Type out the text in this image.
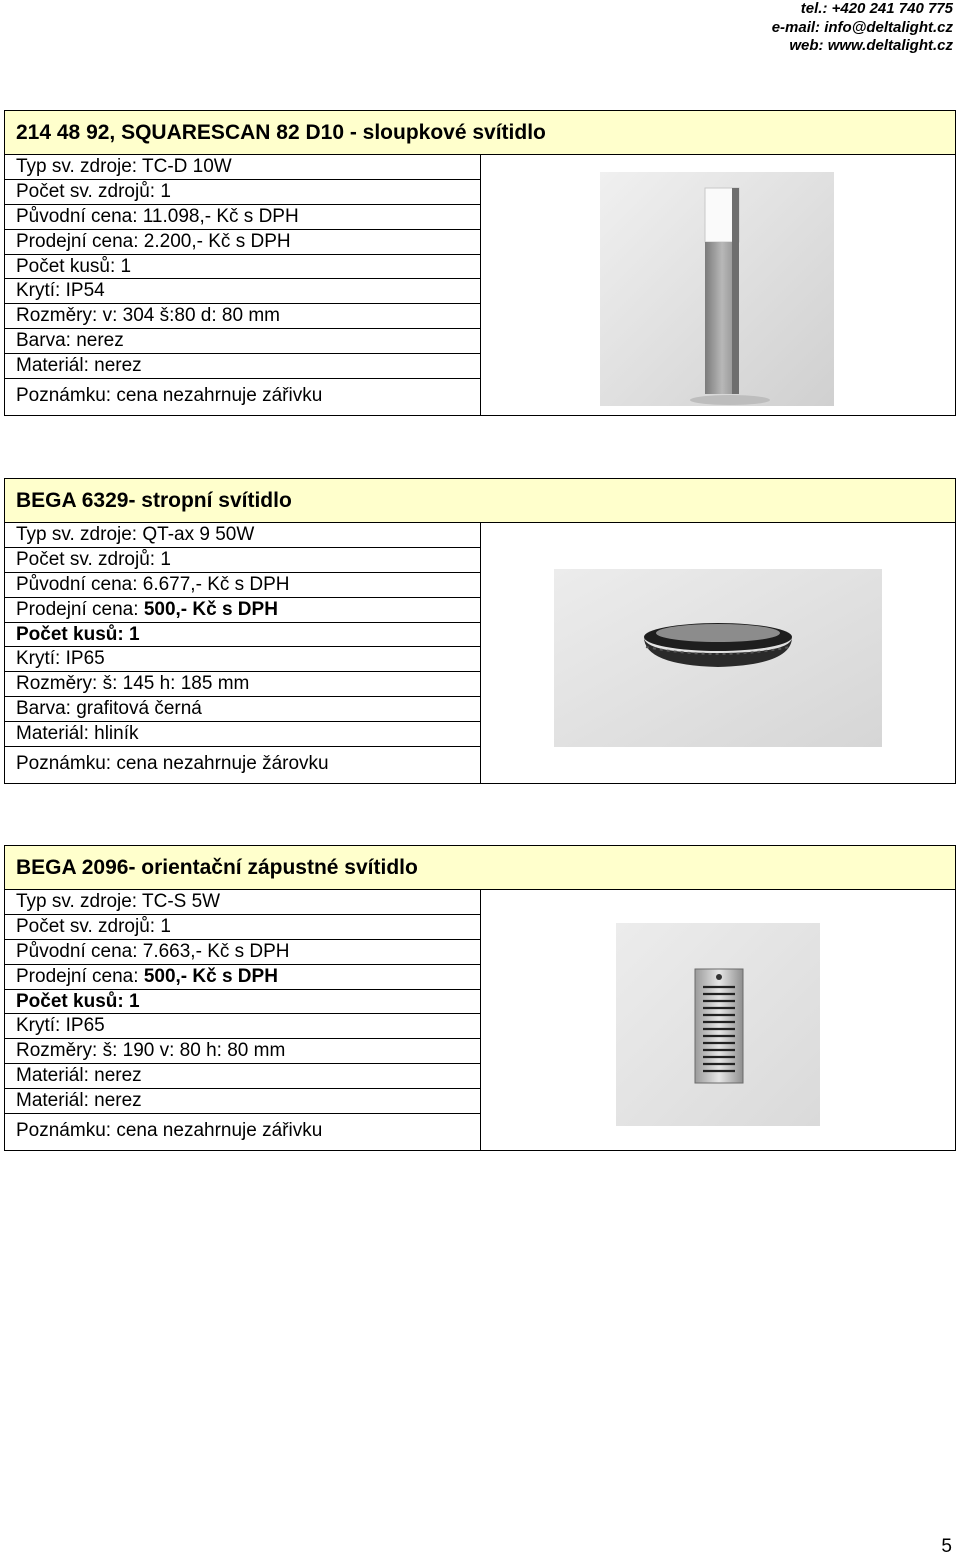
tel.: +420 241 740 775
e-mail: info@deltalight.cz
web: www.deltalight.cz
214 48 92, SQUARESCAN 82 D10 - sloupkové svítidlo
Typ sv. zdroje: TC-D 10W
Počet sv. zdrojů: 1
Původní cena: 11.098,- Kč s DPH
Prodejní cena: 2.200,- Kč s DPH
Počet kusů: 1
Krytí: IP54
Rozměry: v: 304 š:80 d: 80 mm
Barva: nerez
Materiál: nerez
Poznámku: cena nezahrnuje zářivku
BEGA 6329- stropní svítidlo
Typ sv. zdroje: QT-ax 9 50W
Počet sv. zdrojů: 1
Původní cena: 6.677,- Kč s DPH
Prodejní cena: 500,- Kč s DPH
Počet kusů: 1
Krytí: IP65
Rozměry: š: 145 h: 185 mm
Barva: grafitová černá
Materiál: hliník
Poznámku: cena nezahrnuje žárovku
BEGA 2096- orientační zápustné svítidlo
Typ sv. zdroje: TC-S 5W
Počet sv. zdrojů: 1
Původní cena: 7.663,- Kč s DPH
Prodejní cena: 500,- Kč s DPH
Počet kusů: 1
Krytí: IP65
Rozměry: š: 190 v: 80 h: 80 mm
Materiál: nerez
Materiál: nerez
Poznámku: cena nezahrnuje zářivku
5
